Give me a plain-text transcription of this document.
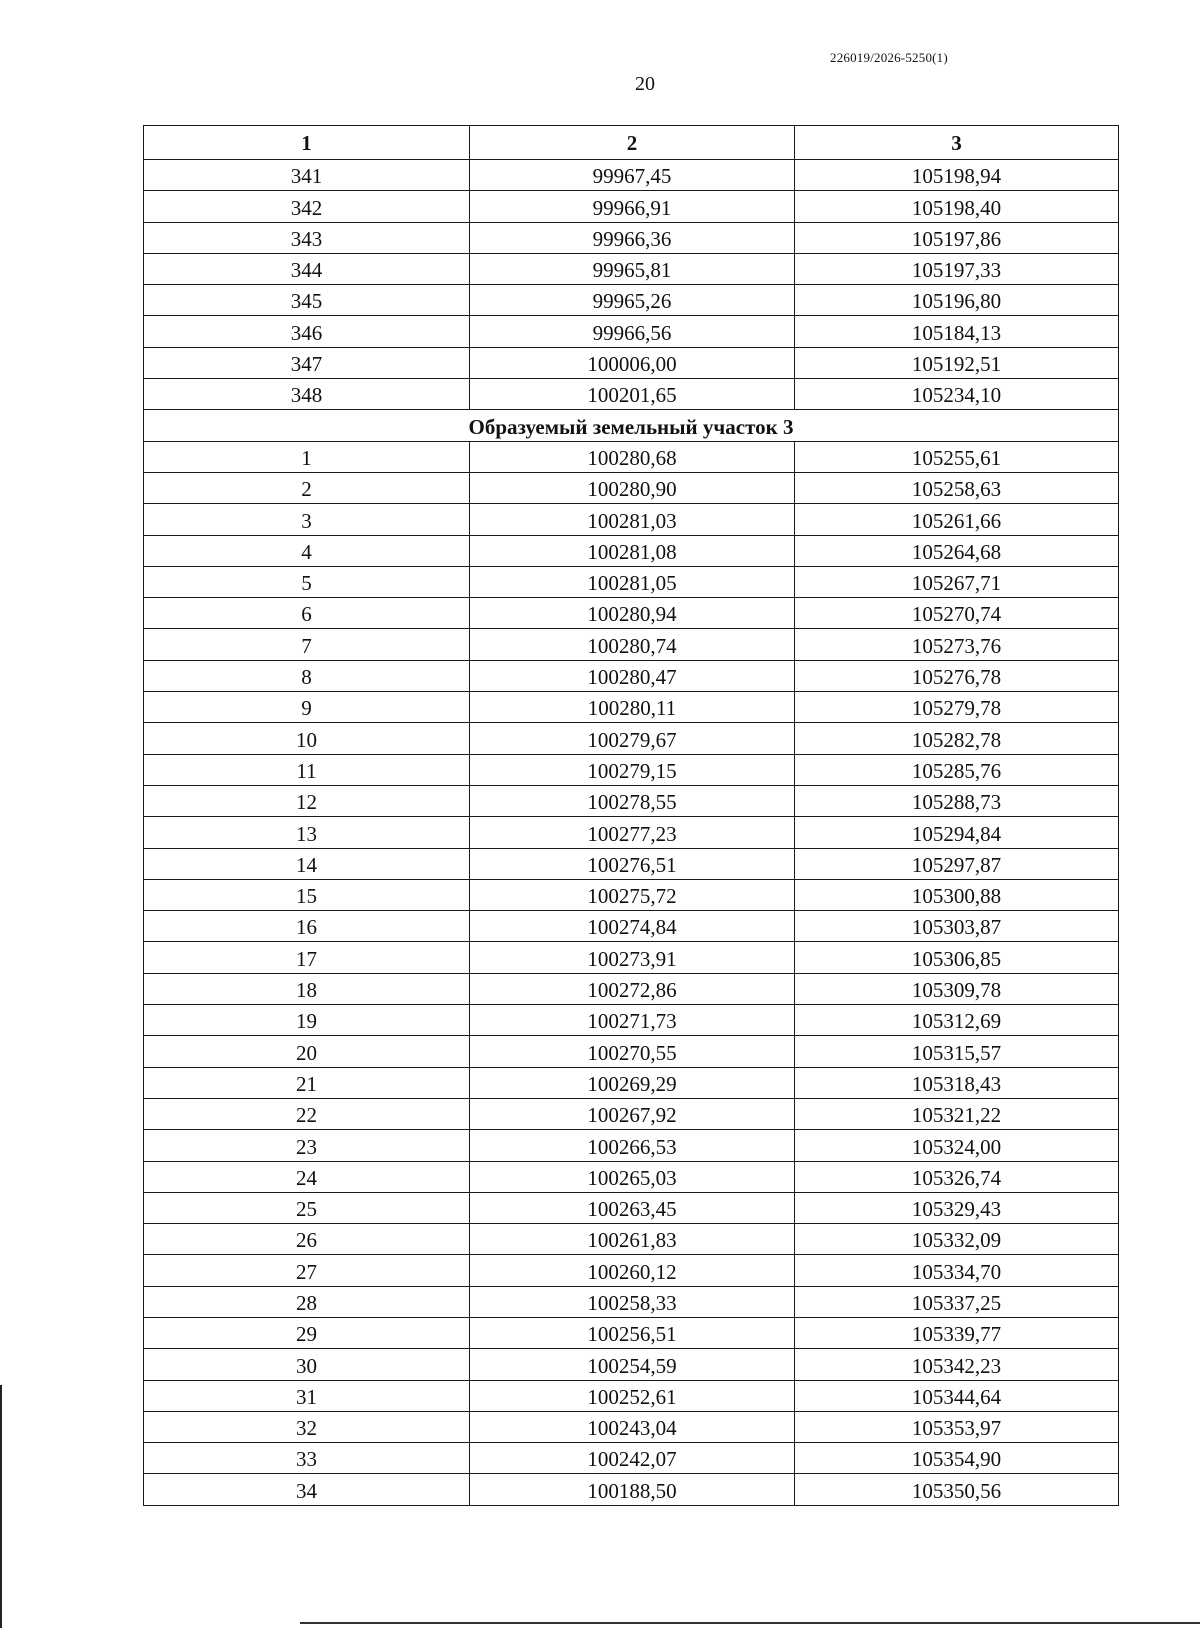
226019/2026-5250(1)
20
1	2	3
341	99967,45	105198,94
342	99966,91	105198,40
343	99966,36	105197,86
344	99965,81	105197,33
345	99965,26	105196,80
346	99966,56	105184,13
347	100006,00	105192,51
348	100201,65	105234,10
Образуемый земельный участок 3		
1	100280,68	105255,61
2	100280,90	105258,63
3	100281,03	105261,66
4	100281,08	105264,68
5	100281,05	105267,71
6	100280,94	105270,74
7	100280,74	105273,76
8	100280,47	105276,78
9	100280,11	105279,78
10	100279,67	105282,78
11	100279,15	105285,76
12	100278,55	105288,73
13	100277,23	105294,84
14	100276,51	105297,87
15	100275,72	105300,88
16	100274,84	105303,87
17	100273,91	105306,85
18	100272,86	105309,78
19	100271,73	105312,69
20	100270,55	105315,57
21	100269,29	105318,43
22	100267,92	105321,22
23	100266,53	105324,00
24	100265,03	105326,74
25	100263,45	105329,43
26	100261,83	105332,09
27	100260,12	105334,70
28	100258,33	105337,25
29	100256,51	105339,77
30	100254,59	105342,23
31	100252,61	105344,64
32	100243,04	105353,97
33	100242,07	105354,90
34	100188,50	105350,56
